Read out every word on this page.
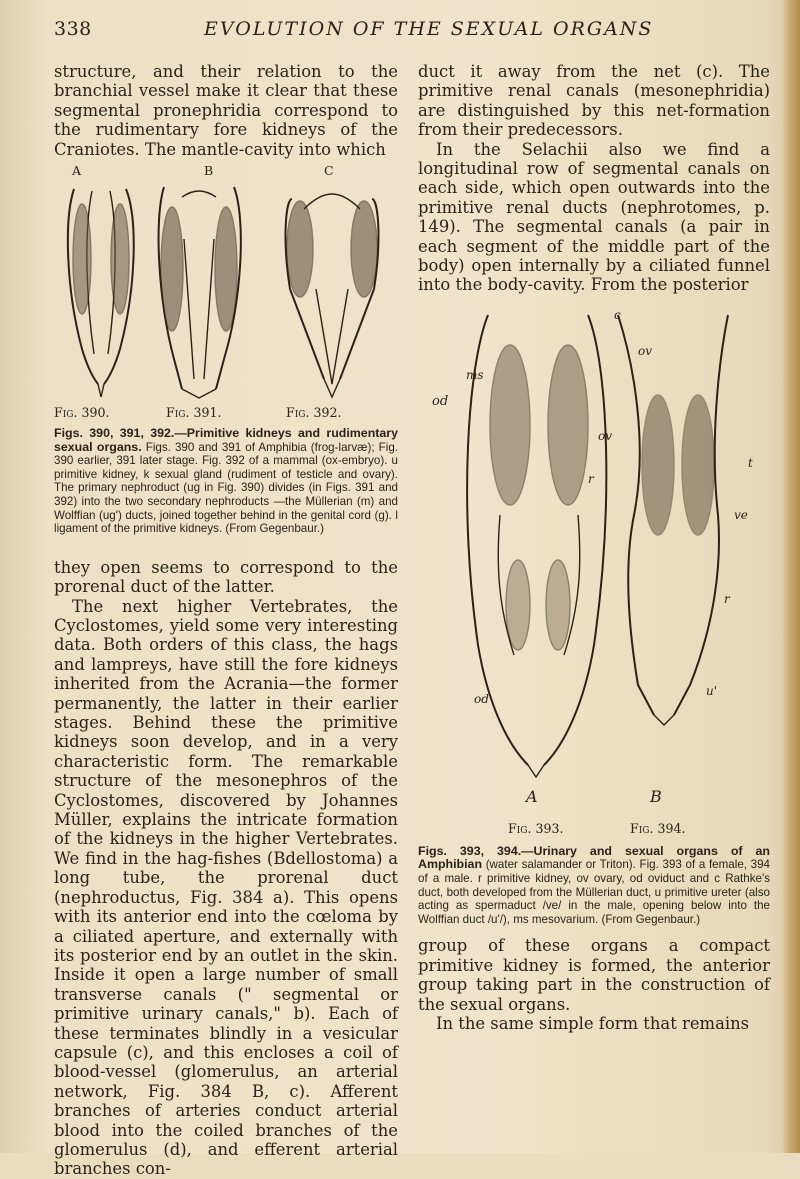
338	EVOLUTION OF THE SEXUAL ORGANS

structure, and their relation to the branchial vessel make it clear that these segmental pronephridia correspond to the rudimentary fore kidneys of the Craniotes. The mantle-cavity into which

A	B	C
Fig. 390.	Fig. 391.	Fig. 392.

Figs. 390, 391, 392.—Primitive kidneys and rudimentary sexual organs. Figs. 390 and 391 of Amphibia (frog-larvæ); Fig. 390 earlier, 391 later stage. Fig. 392 of a mammal (ox-embryo). u primitive kidney, k sexual gland (rudiment of testicle and ovary). The primary nephroduct (ug in Fig. 390) divides (in Figs. 391 and 392) into the two secondary nephroducts —the Müllerian (m) and Wolffian (ug') ducts, joined together behind in the genital cord (g). l ligament of the primitive kidneys. (From Gegenbaur.)

they open seems to correspond to the prorenal duct of the latter.

The next higher Vertebrates, the Cyclostomes, yield some very interesting data. Both orders of this class, the hags and lampreys, have still the fore kidneys inherited from the Acrania—the former permanently, the latter in their earlier stages. Behind these the primitive kidneys soon develop, and in a very characteristic form. The remarkable structure of the mesonephros of the Cyclostomes, discovered by Johannes Müller, explains the intricate formation of the kidneys in the higher Vertebrates. We find in the hag-fishes (Bdellostoma) a long tube, the prorenal duct (nephroductus, Fig. 384 a). This opens with its anterior end into the cœloma by a ciliated aperture, and externally with its posterior end by an outlet in the skin. Inside it open a large number of small transverse canals (" segmental or primitive urinary canals," b). Each of these terminates blindly in a vesicular capsule (c), and this encloses a coil of blood-vessel (glomerulus, an arterial network, Fig. 384 B, c). Afferent branches of arteries conduct arterial blood into the coiled branches of the glomerulus (d), and efferent arterial branches con-

duct it away from the net (c). The primitive renal canals (mesonephridia) are distinguished by this net-formation from their predecessors.

In the Selachii also we find a longitudinal row of segmental canals on each side, which open outwards into the primitive renal ducts (nephrotomes, p. 149). The segmental canals (a pair in each segment of the middle part of the body) open internally by a ciliated funnel into the body-cavity. From the posterior

od
ms
ov
r
od
c
t
ve
r
u'
ov
A	B
Fig. 393.	Fig. 394.

Figs. 393, 394.—Urinary and sexual organs of an Amphibian (water salamander or Triton). Fig. 393 of a female, 394 of a male. r primitive kidney, ov ovary, od oviduct and c Rathke's duct, both developed from the Müllerian duct, u primitive ureter (also acting as spermaduct /ve/ in the male, opening below into the Wolffian duct /u'/), ms mesovarium. (From Gegenbaur.)

group of these organs a compact primitive kidney is formed, the anterior group taking part in the construction of the sexual organs.

In the same simple form that remains
